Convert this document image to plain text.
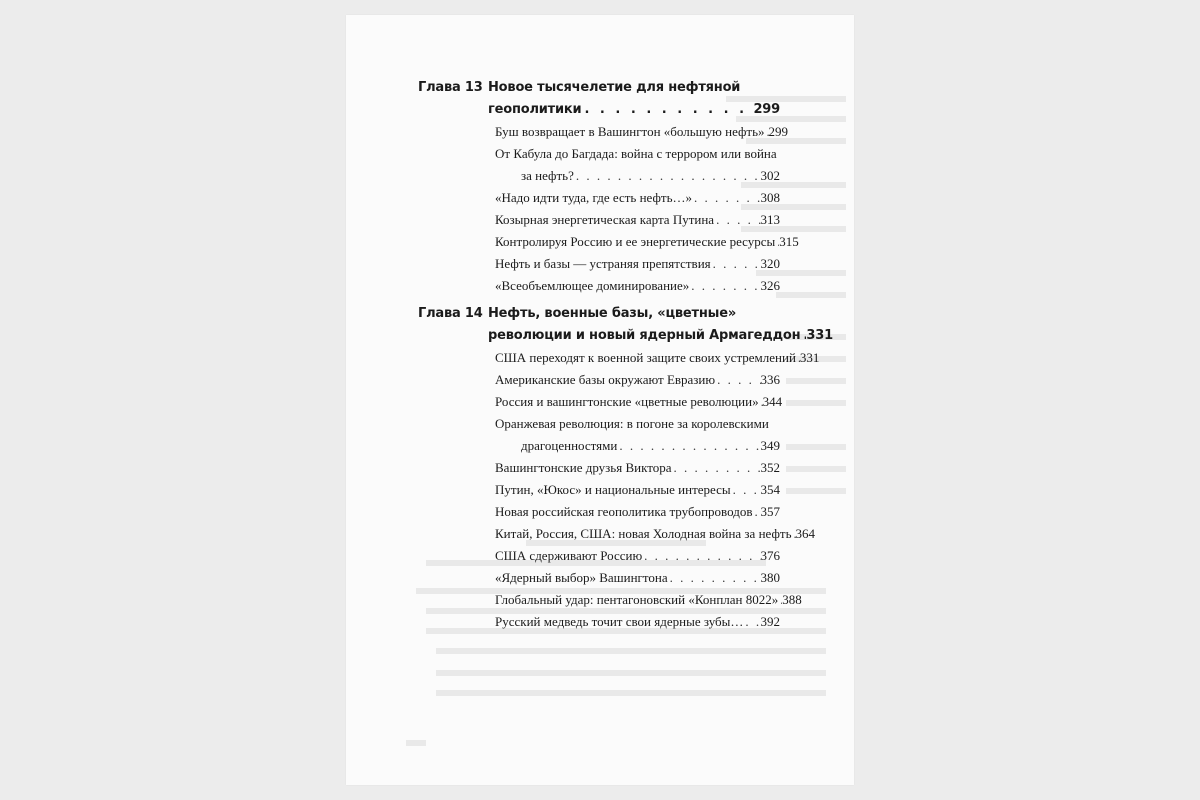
Глава 13 Новое тысячелетие для нефтяной
геополитики . . .	299
Буш возвращает в Вашингтон «большую нефть» . . . 299
От Кабула до Багдада: война с террором или война
за нефть? . . .	302
«Надо идти туда, где есть нефть…» . . .	308
Козырная энергетическая карта Путина . . .	313
Контролируя Россию и ее энергетические ресурсы . . . 315
Нефть и базы — устраняя препятствия . . .	320
«Всеобъемлющее доминирование» . . .	326
Глава 14 Нефть, военные базы, «цветные»
революции и новый ядерный Армагеддон . . . 331
США переходят к военной защите своих устремлений . . . 331
Американские базы окружают Евразию . . .	336
Россия и вашингтонские «цветные революции» . . . 344
Оранжевая революция: в погоне за королевскими
драгоценностями . . .	349
Вашингтонские друзья Виктора . . .	352
Путин, «Юкос» и национальные интересы . . . 354
Новая российская геополитика трубопроводов . . . 357
Китай, Россия, США: новая Холодная война за нефть . . . 364
США сдерживают Россию . . .	376
«Ядерный выбор» Вашингтона . . .	380
Глобальный удар: пентагоновский «Конплан 8022» . . . 388
Русский медведь точит свои ядерные зубы… . . . 392
